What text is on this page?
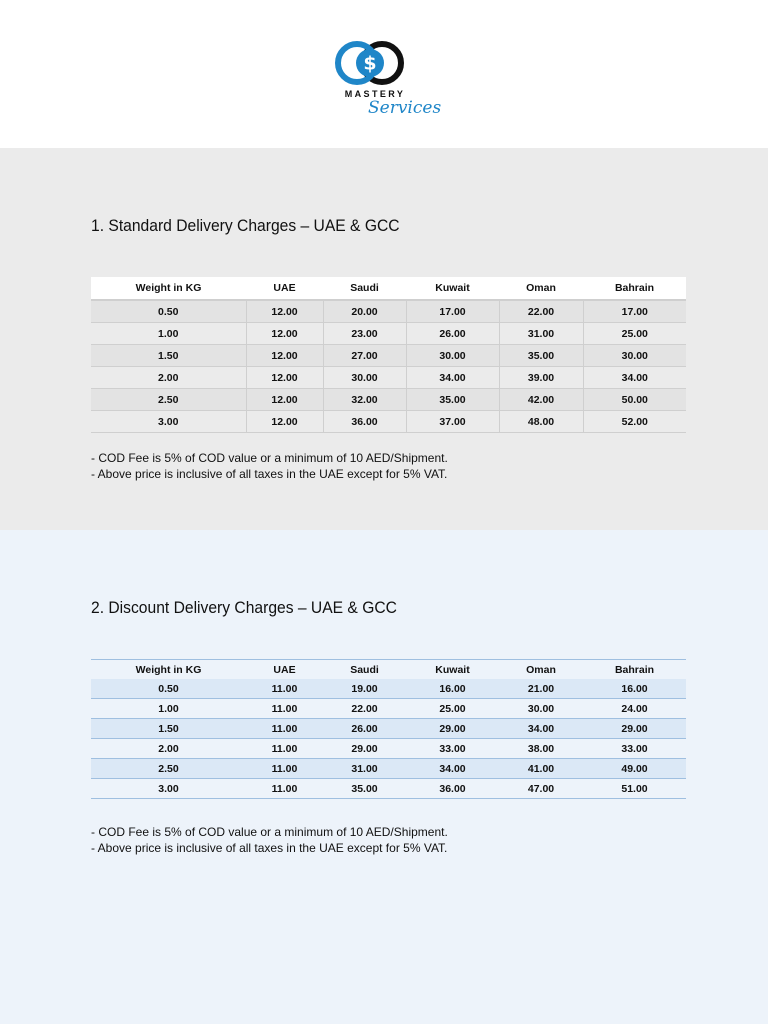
$
MASTERY
Services
1. Standard Delivery Charges – UAE & GCC
Weight in KG	UAE	Saudi	Kuwait	Oman	Bahrain
0.50	12.00	20.00	17.00	22.00	17.00
1.00	12.00	23.00	26.00	31.00	25.00
1.50	12.00	27.00	30.00	35.00	30.00
2.00	12.00	30.00	34.00	39.00	34.00
2.50	12.00	32.00	35.00	42.00	50.00
3.00	12.00	36.00	37.00	48.00	52.00

- COD Fee is 5% of COD value or a minimum of 10 AED/Shipment.

- Above price is inclusive of all taxes in the UAE except for 5% VAT.

2. Discount Delivery Charges – UAE & GCC
Weight in KG	UAE	Saudi	Kuwait	Oman	Bahrain
0.50	11.00	19.00	16.00	21.00	16.00
1.00	11.00	22.00	25.00	30.00	24.00
1.50	11.00	26.00	29.00	34.00	29.00
2.00	11.00	29.00	33.00	38.00	33.00
2.50	11.00	31.00	34.00	41.00	49.00
3.00	11.00	35.00	36.00	47.00	51.00

- COD Fee is 5% of COD value or a minimum of 10 AED/Shipment.

- Above price is inclusive of all taxes in the UAE except for 5% VAT.
